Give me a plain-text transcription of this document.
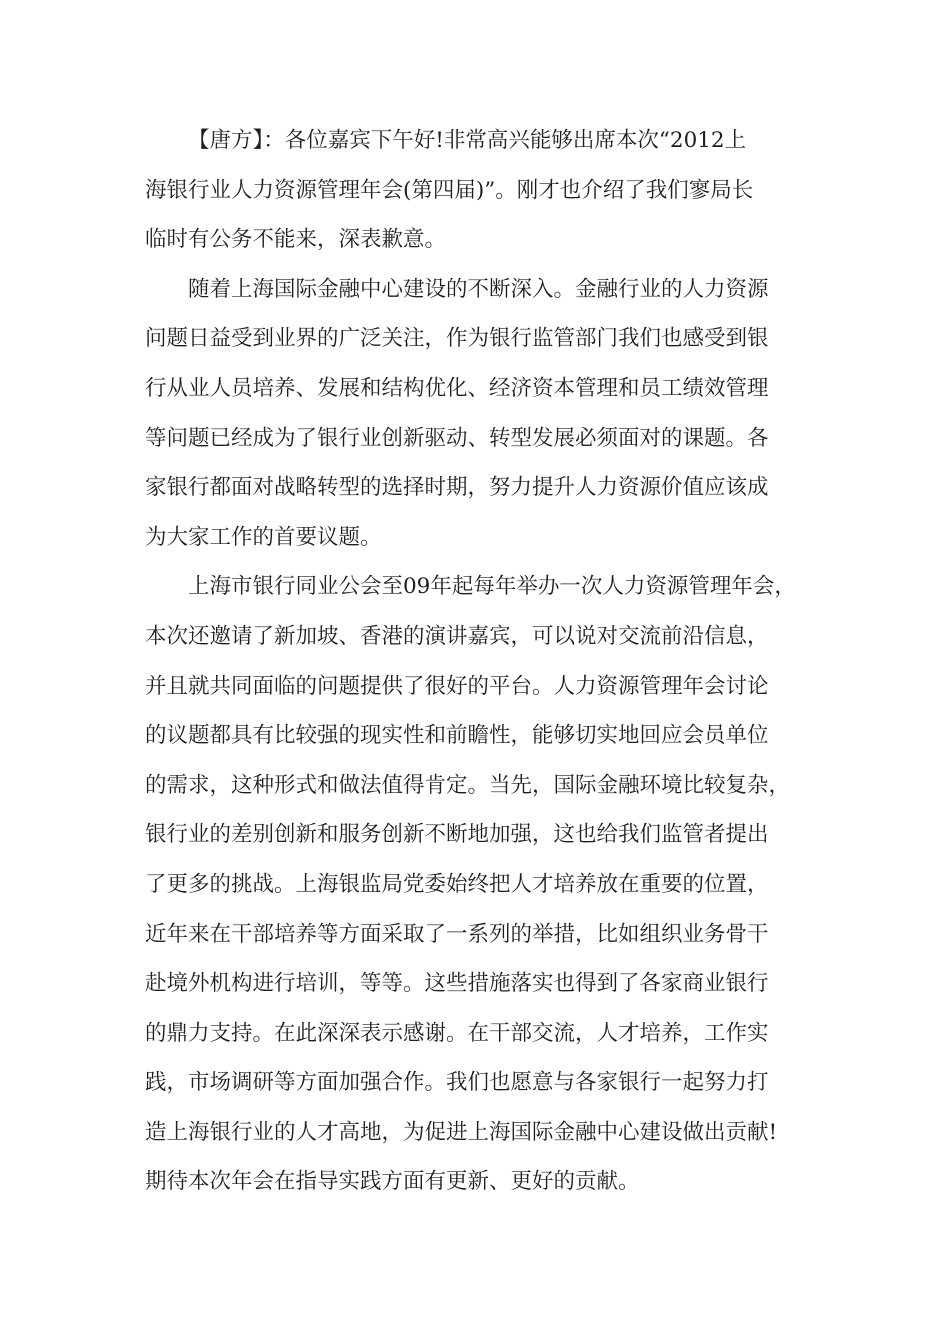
【唐方】：各位嘉宾下午好!非常高兴能够出席本次“2012上
海银行业人力资源管理年会(第四届)”。刚才也介绍了我们寥局长
临时有公务不能来，深表歉意。
随着上海国际金融中心建设的不断深入。金融行业的人力资源
问题日益受到业界的广泛关注，作为银行监管部门我们也感受到银
行从业人员培养、发展和结构优化、经济资本管理和员工绩效管理
等问题已经成为了银行业创新驱动、转型发展必须面对的课题。各
家银行都面对战略转型的选择时期，努力提升人力资源价值应该成
为大家工作的首要议题。
上海市银行同业公会至09年起每年举办一次人力资源管理年会，
本次还邀请了新加坡、香港的演讲嘉宾，可以说对交流前沿信息，
并且就共同面临的问题提供了很好的平台。人力资源管理年会讨论
的议题都具有比较强的现实性和前瞻性，能够切实地回应会员单位
的需求，这种形式和做法值得肯定。当先，国际金融环境比较复杂，
银行业的差别创新和服务创新不断地加强，这也给我们监管者提出
了更多的挑战。上海银监局党委始终把人才培养放在重要的位置，
近年来在干部培养等方面采取了一系列的举措，比如组织业务骨干
赴境外机构进行培训，等等。这些措施落实也得到了各家商业银行
的鼎力支持。在此深深表示感谢。在干部交流，人才培养，工作实
践，市场调研等方面加强合作。我们也愿意与各家银行一起努力打
造上海银行业的人才高地，为促进上海国际金融中心建设做出贡献!
期待本次年会在指导实践方面有更新、更好的贡献。
